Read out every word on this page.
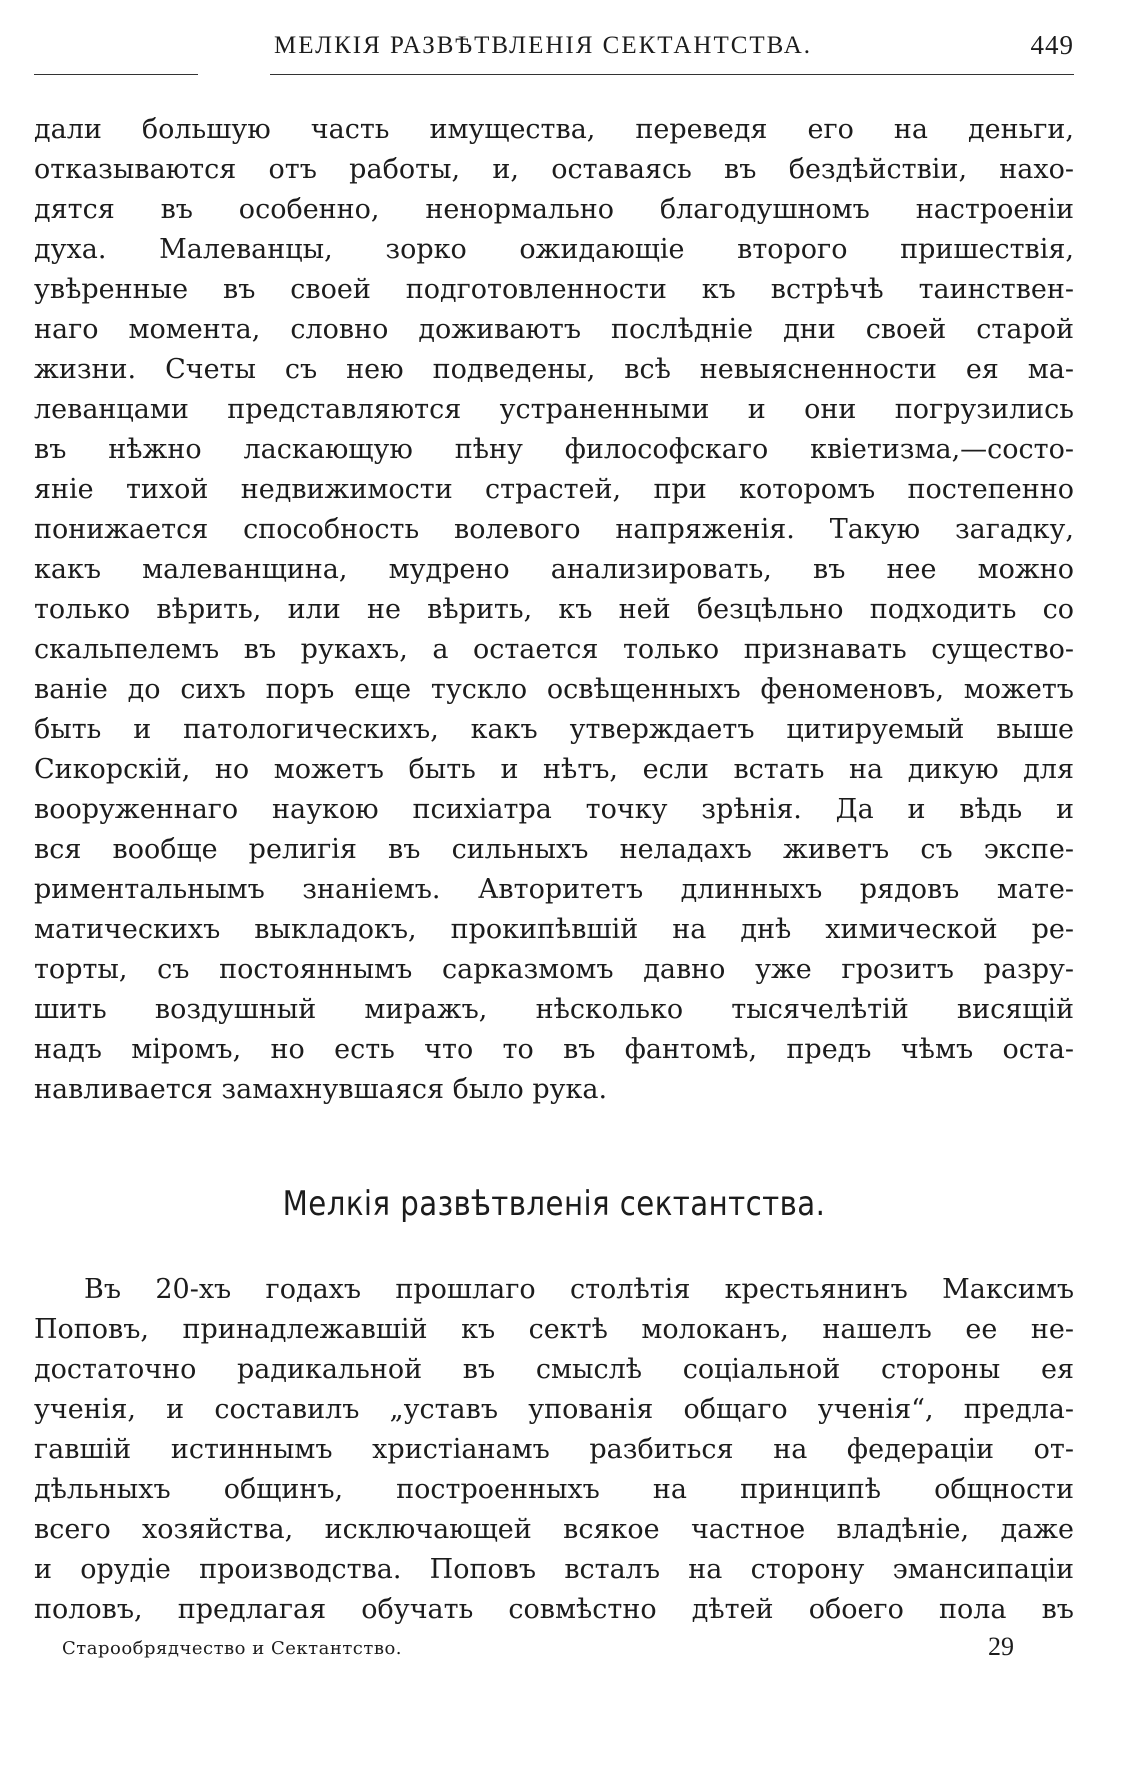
МЕЛКІЯ РАЗВѢТВЛЕНІЯ СЕКТАНТСТВА.	449
дали большую часть имущества, переведя его на деньги,
отказываются отъ работы, и, оставаясь въ бездѣйствіи, нахо-
дятся въ особенно, ненормально благодушномъ настроеніи
духа. Малеванцы, зорко ожидающіе второго пришествія,
увѣренные въ своей подготовленности къ встрѣчѣ таинствен-
наго момента, словно доживаютъ послѣдніе дни своей старой
жизни. Счеты съ нею подведены, всѣ невыясненности ея ма-
леванцами представляются устраненными и они погрузились
въ нѣжно ласкающую пѣну философскаго квіетизма,—состо-
яніе тихой недвижимости страстей, при которомъ постепенно
понижается способность волевого напряженія. Такую загадку,
какъ малеванщина, мудрено анализировать, въ нее можно
только вѣрить, или не вѣрить, къ ней безцѣльно подходить со
скальпелемъ въ рукахъ, а остается только признавать существо-
ваніе до сихъ поръ еще тускло освѣщенныхъ феноменовъ, можетъ
быть и патологическихъ, какъ утверждаетъ цитируемый выше
Сикорскій, но можетъ быть и нѣтъ, если встать на дикую для
вооруженнаго наукою психіатра точку зрѣнія. Да и вѣдь и
вся вообще религія въ сильныхъ неладахъ живетъ съ экспе-
риментальнымъ знаніемъ. Авторитетъ длинныхъ рядовъ мате-
матическихъ выкладокъ, прокипѣвшій на днѣ химической ре-
торты, съ постояннымъ сарказмомъ давно уже грозитъ разру-
шить воздушный миражъ, нѣсколько тысячелѣтій висящій
надъ міромъ, но есть что то въ фантомѣ, предъ чѣмъ оста-
навливается замахнувшаяся было рука.
Мелкія развѣтвленія сектантства.
Въ 20-хъ годахъ прошлаго столѣтія крестьянинъ Максимъ
Поповъ, принадлежавшій къ сектѣ молоканъ, нашелъ ее не-
достаточно радикальной въ смыслѣ соціальной стороны ея
ученія, и составилъ „уставъ упованія общаго ученія“, предла-
гавшій истиннымъ христіанамъ разбиться на федераціи от-
дѣльныхъ общинъ, построенныхъ на принципѣ общности
всего хозяйства, исключающей всякое частное владѣніе, даже
и орудіе производства. Поповъ всталъ на сторону эмансипаціи
половъ, предлагая обучать совмѣстно дѣтей обоего пола въ
Старообрядчество и Сектантство.	29
